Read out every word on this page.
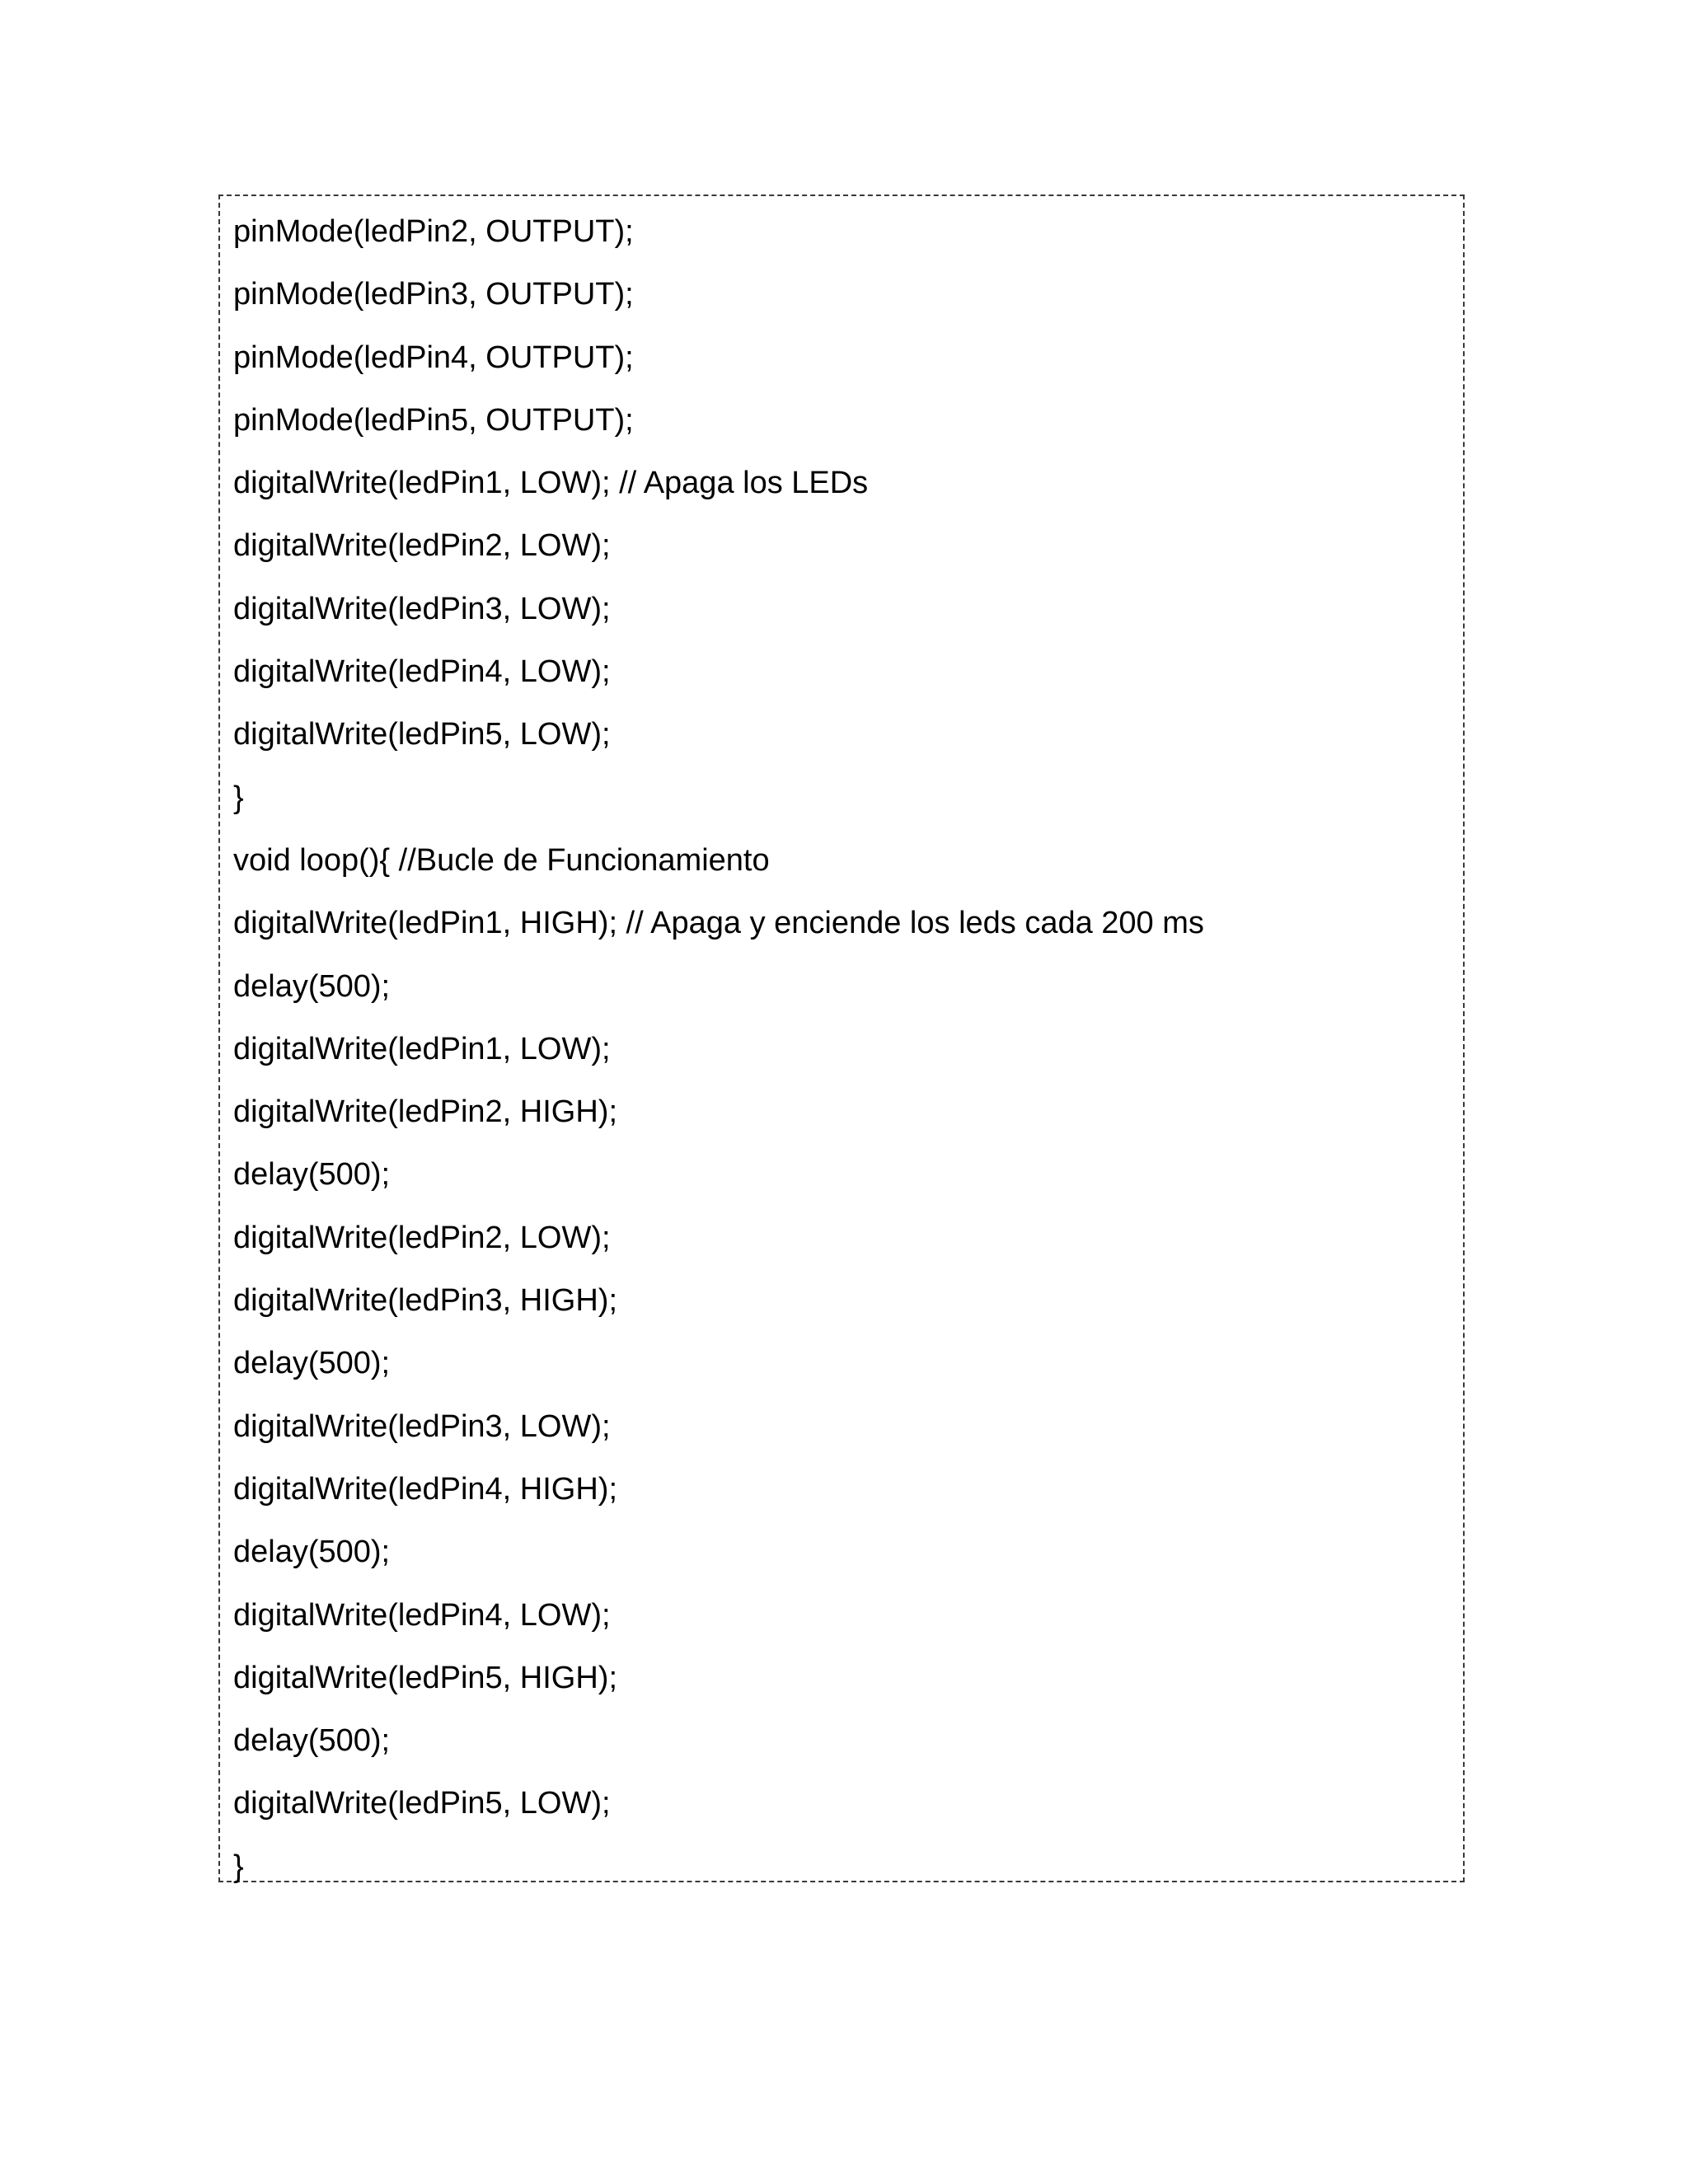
pinMode(ledPin2, OUTPUT);
pinMode(ledPin3, OUTPUT);
pinMode(ledPin4, OUTPUT);
pinMode(ledPin5, OUTPUT);
digitalWrite(ledPin1, LOW); // Apaga los LEDs
digitalWrite(ledPin2, LOW);
digitalWrite(ledPin3, LOW);
digitalWrite(ledPin4, LOW);
digitalWrite(ledPin5, LOW);
}
void loop(){ //Bucle de Funcionamiento
digitalWrite(ledPin1, HIGH); // Apaga y enciende los leds cada 200 ms
delay(500);
digitalWrite(ledPin1, LOW);
digitalWrite(ledPin2, HIGH);
delay(500);
digitalWrite(ledPin2, LOW);
digitalWrite(ledPin3, HIGH);
delay(500);
digitalWrite(ledPin3, LOW);
digitalWrite(ledPin4, HIGH);
delay(500);
digitalWrite(ledPin4, LOW);
digitalWrite(ledPin5, HIGH);
delay(500);
digitalWrite(ledPin5, LOW);
}
